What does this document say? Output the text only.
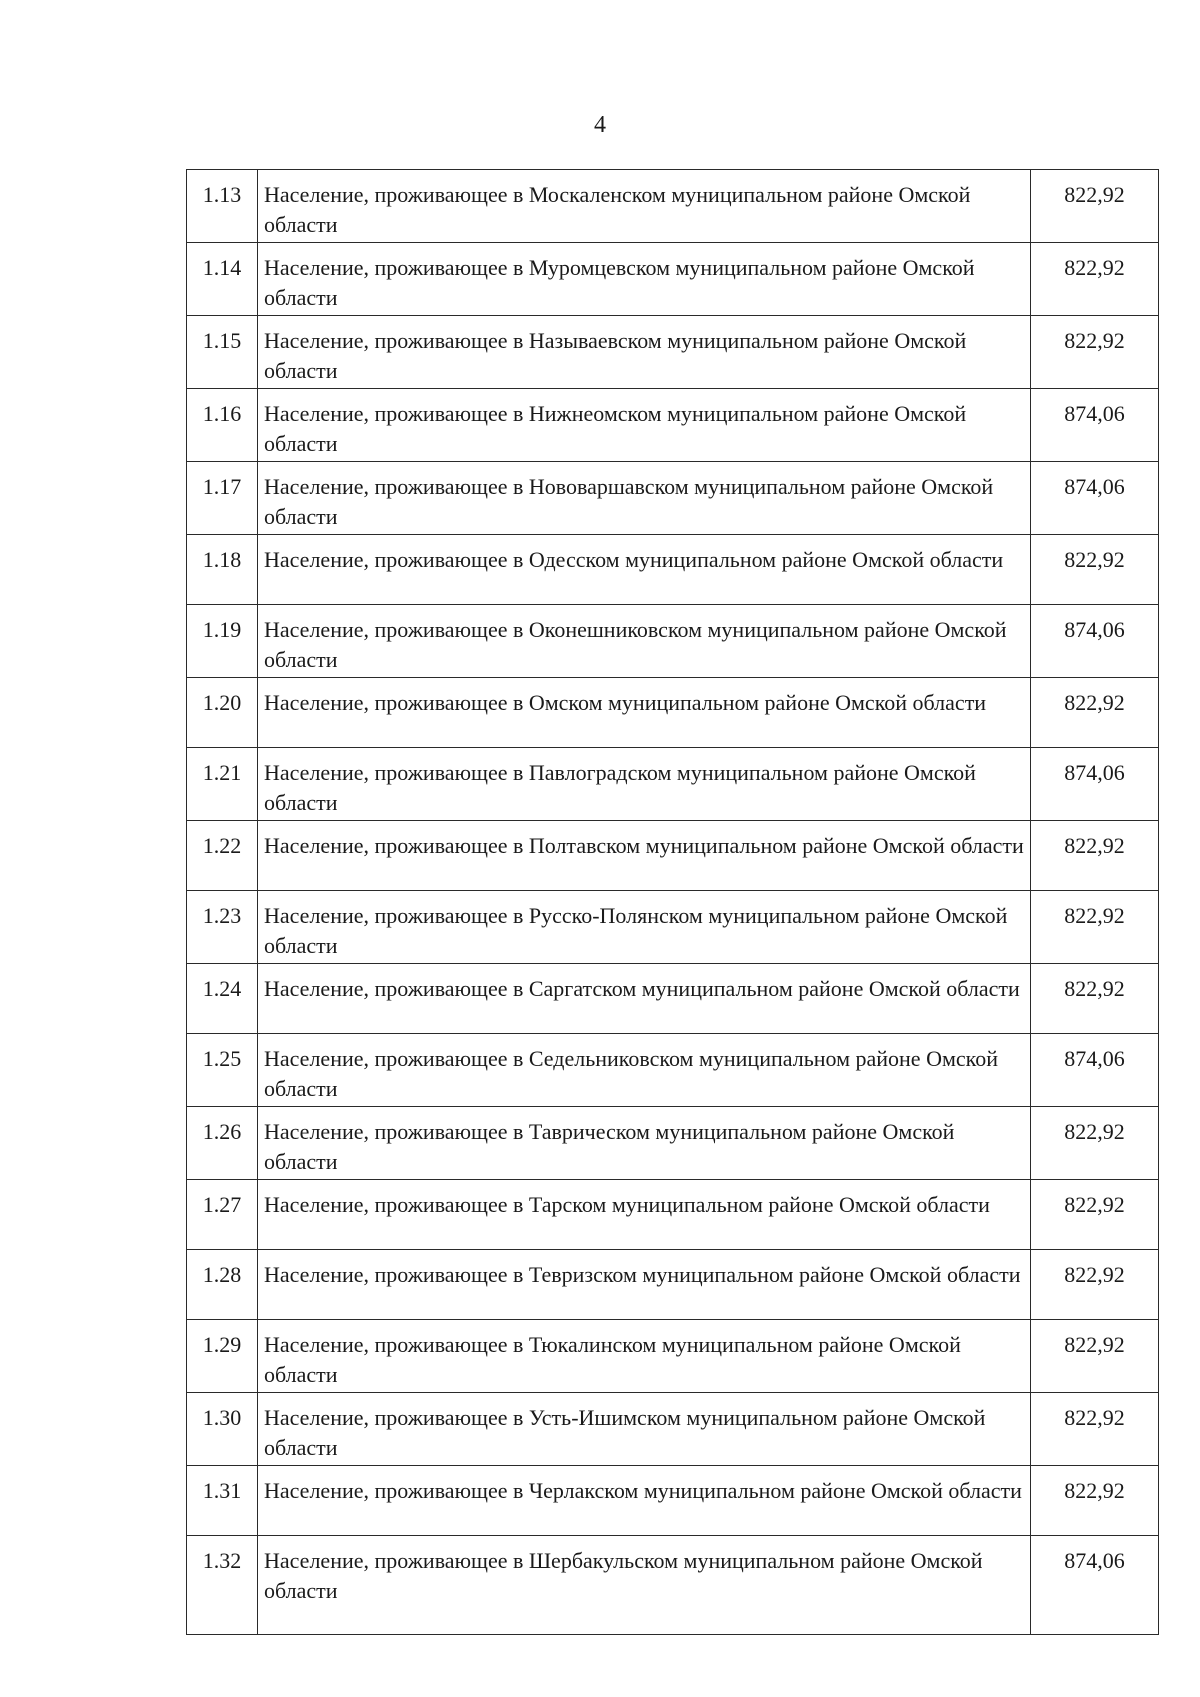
4
1.13	Население, проживающее в Москаленском муниципальном районе Омской области	822,92
1.14	Население, проживающее в Муромцевском муниципальном районе Омской области	822,92
1.15	Население, проживающее в Называевском муниципальном районе Омской области	822,92
1.16	Население, проживающее в Нижнеомском муниципальном районе Омской области	874,06
1.17	Население, проживающее в Нововаршавском муниципальном районе Омской области	874,06
1.18	Население, проживающее в Одесском муниципальном районе Омской области	822,92
1.19	Население, проживающее в Оконешниковском муниципальном районе Омской области	874,06
1.20	Население, проживающее в Омском муниципальном районе Омской области	822,92
1.21	Население, проживающее в Павлоградском муниципальном районе Омской области	874,06
1.22	Население, проживающее в Полтавском муниципальном районе Омской области	822,92
1.23	Население, проживающее в Русско-Полянском муниципальном районе Омской области	822,92
1.24	Население, проживающее в Саргатском муниципальном районе Омской области	822,92
1.25	Население, проживающее в Седельниковском муниципальном районе Омской области	874,06
1.26	Население, проживающее в Таврическом муниципальном районе Омской области	822,92
1.27	Население, проживающее в Тарском муниципальном районе Омской области	822,92
1.28	Население, проживающее в Тевризском муниципальном районе Омской области	822,92
1.29	Население, проживающее в Тюкалинском муниципальном районе Омской области	822,92
1.30	Население, проживающее в Усть-Ишимском муниципальном районе Омской области	822,92
1.31	Население, проживающее в Черлакском муниципальном районе Омской области	822,92
1.32	Население, проживающее в Шербакульском муниципальном районе Омской области	874,06
